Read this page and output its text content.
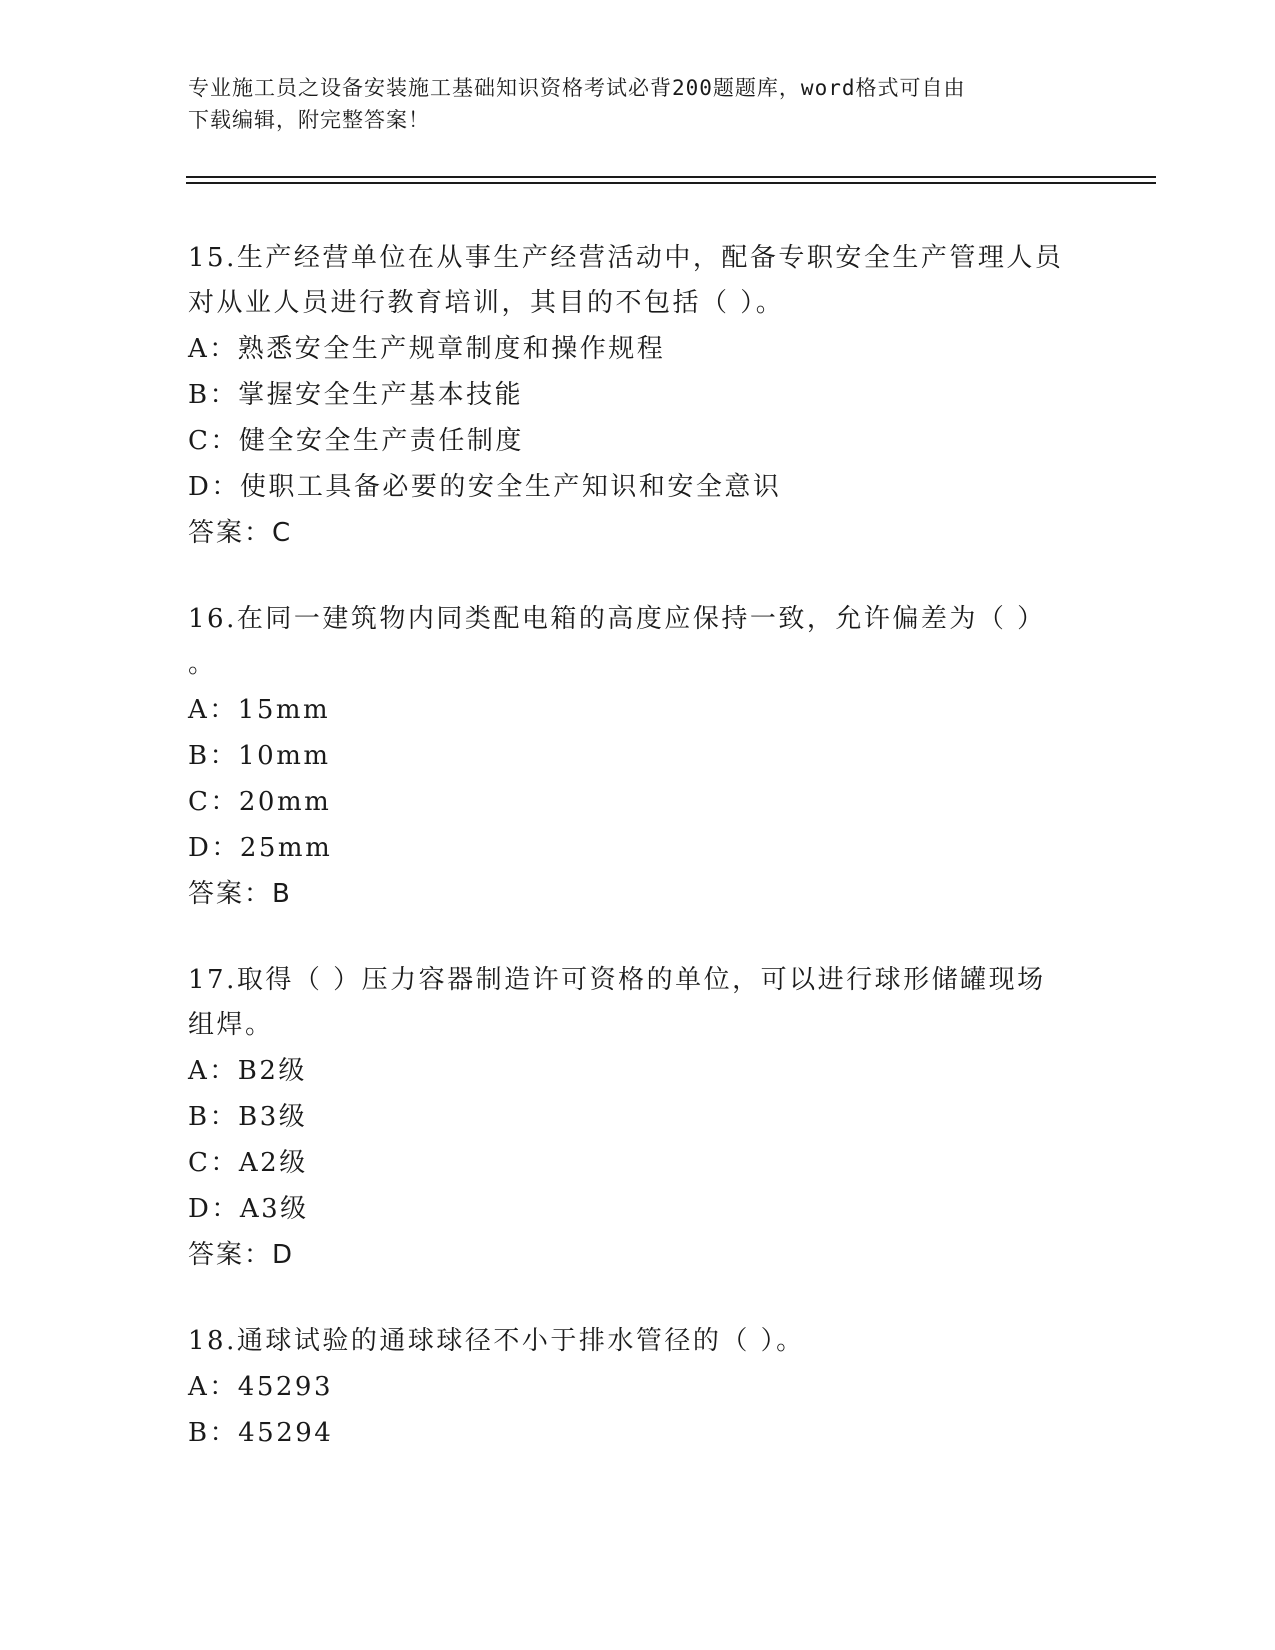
专业施工员之设备安装施工基础知识资格考试必背200题题库，word格式可自由
下载编辑，附完整答案！
15.生产经营单位在从事生产经营活动中，配备专职安全生产管理人员
对从业人员进行教育培训，其目的不包括（ ）。
A：熟悉安全生产规章制度和操作规程
B：掌握安全生产基本技能
C：健全安全生产责任制度
D：使职工具备必要的安全生产知识和安全意识
答案：C
16.在同一建筑物内同类配电箱的高度应保持一致，允许偏差为（ ）
。
A：15mm
B：10mm
C：20mm
D：25mm
答案：B
17.取得（ ）压力容器制造许可资格的单位，可以进行球形储罐现场
组焊。
A：B2级
B：B3级
C：A2级
D：A3级
答案：D
18.通球试验的通球球径不小于排水管径的（ ）。
A：45293
B：45294
